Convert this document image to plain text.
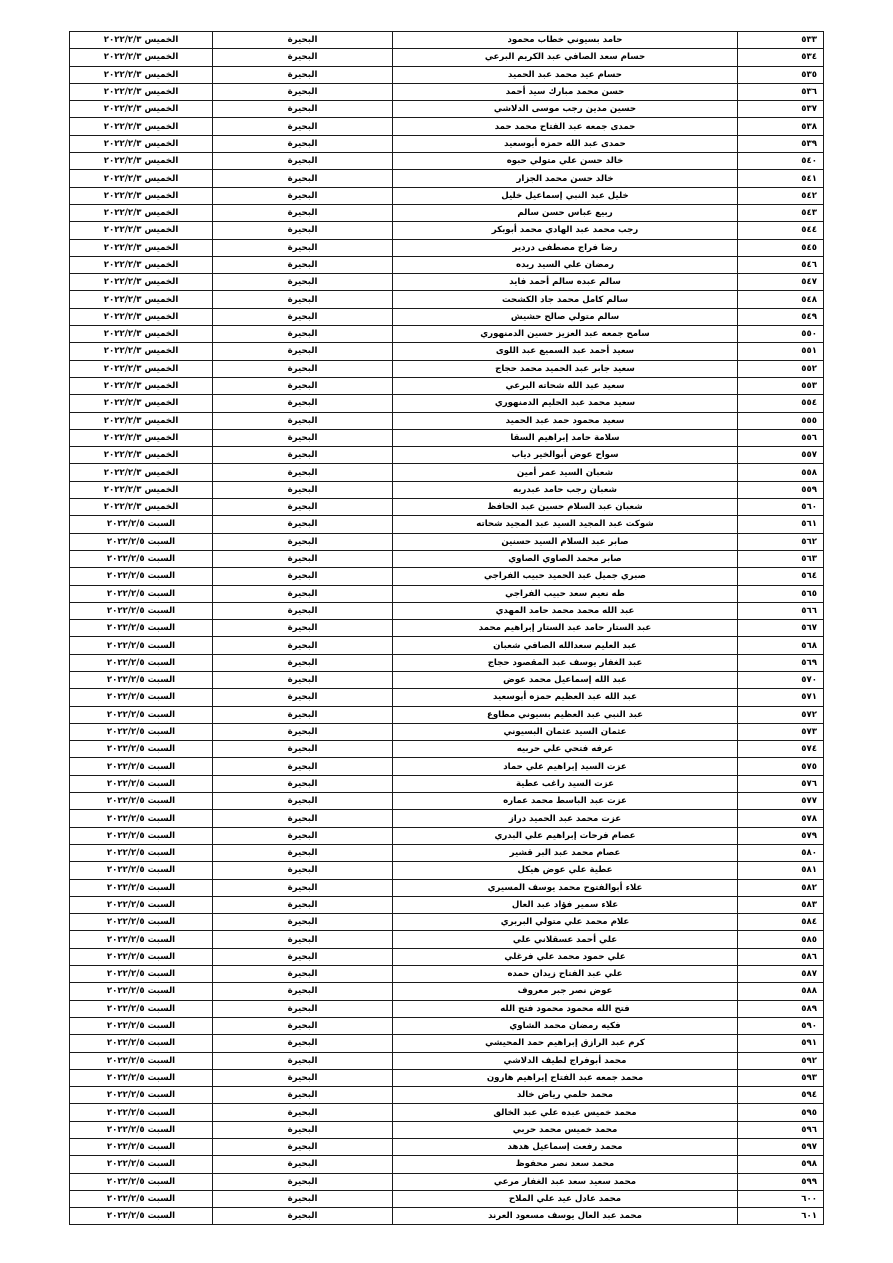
٥٣٣	حامد بسيوني خطاب محمود	البحيرة	الخميس ٢٠٢٢/٢/٣
٥٣٤	حسام سعد الصافي عبد الكريم البرعي	البحيرة	الخميس ٢٠٢٢/٢/٣
٥٣٥	حسام عيد محمد عبد الحميد	البحيرة	الخميس ٢٠٢٢/٢/٣
٥٣٦	حسن محمد مبارك سيد أحمد	البحيرة	الخميس ٢٠٢٢/٢/٣
٥٣٧	حسين مدين رجب موسى الدلاشي	البحيرة	الخميس ٢٠٢٢/٢/٣
٥٣٨	حمدى جمعه عبد الفتاح محمد حمد	البحيرة	الخميس ٢٠٢٢/٢/٣
٥٣٩	حمدى عبد الله حمزه أبوسعيد	البحيرة	الخميس ٢٠٢٢/٢/٣
٥٤٠	خالد حسن علي متولي حبوه	البحيرة	الخميس ٢٠٢٢/٢/٣
٥٤١	خالد حسن محمد الجزار	البحيرة	الخميس ٢٠٢٢/٢/٣
٥٤٢	خليل عبد النبي إسماعيل خليل	البحيرة	الخميس ٢٠٢٢/٢/٣
٥٤٣	ربيع عباس حسن سالم	البحيرة	الخميس ٢٠٢٢/٢/٣
٥٤٤	رجب محمد عبد الهادي محمد أبوبكر	البحيرة	الخميس ٢٠٢٢/٢/٣
٥٤٥	رضا فراج مصطفى دردير	البحيرة	الخميس ٢٠٢٢/٢/٣
٥٤٦	رمضان علي السيد ريده	البحيرة	الخميس ٢٠٢٢/٢/٣
٥٤٧	سالم عبده سالم أحمد فايد	البحيرة	الخميس ٢٠٢٢/٢/٣
٥٤٨	سالم كامل محمد جاد الكشحت	البحيرة	الخميس ٢٠٢٢/٢/٣
٥٤٩	سالم متولي صالح حشيش	البحيرة	الخميس ٢٠٢٢/٢/٣
٥٥٠	سامح جمعه عبد العزيز حسين الدمنهوري	البحيرة	الخميس ٢٠٢٢/٢/٣
٥٥١	سعيد أحمد عبد السميع عبد اللوى	البحيرة	الخميس ٢٠٢٢/٢/٣
٥٥٢	سعيد جابر عبد الحميد محمد حجاج	البحيرة	الخميس ٢٠٢٢/٢/٣
٥٥٣	سعيد عبد الله شحاته البرعي	البحيرة	الخميس ٢٠٢٢/٢/٣
٥٥٤	سعيد محمد عبد الحليم الدمنهوري	البحيرة	الخميس ٢٠٢٢/٢/٣
٥٥٥	سعيد محمود حمد عبد الحميد	البحيرة	الخميس ٢٠٢٢/٢/٣
٥٥٦	سلامة حامد إبراهيم السقا	البحيرة	الخميس ٢٠٢٢/٢/٣
٥٥٧	سواح عوض أبوالخير دياب	البحيرة	الخميس ٢٠٢٢/٢/٣
٥٥٨	شعبان السيد عمر أمين	البحيرة	الخميس ٢٠٢٢/٢/٣
٥٥٩	شعبان رجب حامد عبدربه	البحيرة	الخميس ٢٠٢٢/٢/٣
٥٦٠	شعبان عبد السلام حسين عبد الحافظ	البحيرة	الخميس ٢٠٢٢/٢/٣
٥٦١	شوكت عبد المجيد السيد عبد المجيد شحاته	البحيرة	السبت ٢٠٢٢/٢/٥
٥٦٢	صابر عبد السلام السيد حسنين	البحيرة	السبت ٢٠٢٢/٢/٥
٥٦٣	صابر محمد الصاوي الصاوي	البحيرة	السبت ٢٠٢٢/٢/٥
٥٦٤	صبري جميل عبد الحميد حبيب الفراجي	البحيرة	السبت ٢٠٢٢/٢/٥
٥٦٥	طه نعيم سعد حبيب الفراجي	البحيرة	السبت ٢٠٢٢/٢/٥
٥٦٦	عبد الله محمد محمد حامد المهدي	البحيرة	السبت ٢٠٢٢/٢/٥
٥٦٧	عبد الستار حامد عبد الستار إبراهيم محمد	البحيرة	السبت ٢٠٢٢/٢/٥
٥٦٨	عبد العليم سعدالله الصافي شعبان	البحيرة	السبت ٢٠٢٢/٢/٥
٥٦٩	عبد الغفار يوسف عبد المقصود حجاج	البحيرة	السبت ٢٠٢٢/٢/٥
٥٧٠	عبد الله إسماعيل محمد عوض	البحيرة	السبت ٢٠٢٢/٢/٥
٥٧١	عبد الله عبد العظيم حمزه أبوسعيد	البحيرة	السبت ٢٠٢٢/٢/٥
٥٧٢	عبد النبي عبد العظيم بسيوني مطاوع	البحيرة	السبت ٢٠٢٢/٢/٥
٥٧٣	عثمان السيد عثمان البسيوني	البحيرة	السبت ٢٠٢٢/٢/٥
٥٧٤	عرفه فتحي علي حربيه	البحيرة	السبت ٢٠٢٢/٢/٥
٥٧٥	عزت السيد إبراهيم علي حماد	البحيرة	السبت ٢٠٢٢/٢/٥
٥٧٦	عزت السيد راغب عطية	البحيرة	السبت ٢٠٢٢/٢/٥
٥٧٧	عزت عبد الباسط محمد عماره	البحيرة	السبت ٢٠٢٢/٢/٥
٥٧٨	عزت محمد عبد الحميد دراز	البحيرة	السبت ٢٠٢٢/٢/٥
٥٧٩	عصام فرحات إبراهيم علي البدري	البحيرة	السبت ٢٠٢٢/٢/٥
٥٨٠	عصام محمد عبد البر قشير	البحيرة	السبت ٢٠٢٢/٢/٥
٥٨١	عطية علي عوض هيكل	البحيرة	السبت ٢٠٢٢/٢/٥
٥٨٢	علاء أبوالفتوح محمد يوسف المسيري	البحيرة	السبت ٢٠٢٢/٢/٥
٥٨٣	علاء سمير فؤاد عبد العال	البحيرة	السبت ٢٠٢٢/٢/٥
٥٨٤	علام محمد علي متولي البربري	البحيرة	السبت ٢٠٢٢/٢/٥
٥٨٥	علي أحمد عسقلاني علي	البحيرة	السبت ٢٠٢٢/٢/٥
٥٨٦	علي حمود محمد علي فرغلي	البحيرة	السبت ٢٠٢٢/٢/٥
٥٨٧	علي عبد الفتاح زيدان حمده	البحيرة	السبت ٢٠٢٢/٢/٥
٥٨٨	عوض نصر جبر معروف	البحيرة	السبت ٢٠٢٢/٢/٥
٥٨٩	فتح الله محمود محمود فتح الله	البحيرة	السبت ٢٠٢٢/٢/٥
٥٩٠	فكيه رمضان محمد الشاوي	البحيرة	السبت ٢٠٢٢/٢/٥
٥٩١	كرم عبد الرازق إبراهيم حمد المحيشي	البحيرة	السبت ٢٠٢٢/٢/٥
٥٩٢	محمد أبوفراج لطيف الدلاشي	البحيرة	السبت ٢٠٢٢/٢/٥
٥٩٣	محمد جمعه عبد الفتاح إبراهيم هارون	البحيرة	السبت ٢٠٢٢/٢/٥
٥٩٤	محمد حلمي رياض خالد	البحيرة	السبت ٢٠٢٢/٢/٥
٥٩٥	محمد خميس عبده علي عبد الخالق	البحيرة	السبت ٢٠٢٢/٢/٥
٥٩٦	محمد خميس محمد حربي	البحيرة	السبت ٢٠٢٢/٢/٥
٥٩٧	محمد رفعت إسماعيل هدهد	البحيرة	السبت ٢٠٢٢/٢/٥
٥٩٨	محمد سعد نصر محفوظ	البحيرة	السبت ٢٠٢٢/٢/٥
٥٩٩	محمد سعيد سعد عبد الغفار مرعي	البحيرة	السبت ٢٠٢٢/٢/٥
٦٠٠	محمد عادل عيد علي الملاح	البحيرة	السبت ٢٠٢٢/٢/٥
٦٠١	محمد عبد العال يوسف مسعود العرند	البحيرة	السبت ٢٠٢٢/٢/٥
